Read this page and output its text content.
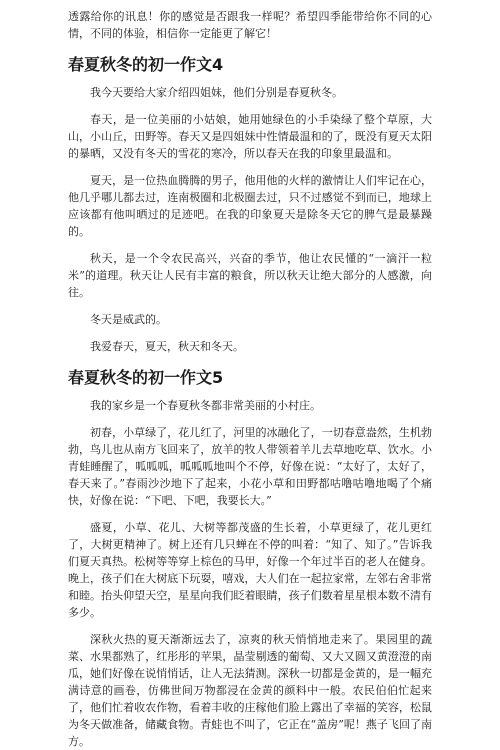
透露给你的讯息！你的感觉是否跟我一样呢？希望四季能带给你不同的心情，不同的体验，相信你一定能更了解它！

春夏秋冬的初一作文4

我今天要给大家介绍四姐妹，他们分别是春夏秋冬。

春天，是一位美丽的小姑娘，她用她绿色的小手染绿了整个草原，大山，小山丘，田野等。春天又是四姐妹中性情最温和的了，既没有夏天太阳的暴晒，又没有冬天的雪花的寒冷，所以春天在我的印象里最温和。

夏天，是一位热血腾腾的男子，他用他的火样的激情让人们牢记在心，他几乎哪儿都去过，连南极圈和北极圈去过，只不过感觉不到而已，地球上应该都有他叫晒过的足迹吧。在我的印象夏天是除冬天它的脾气是最暴躁的。

秋天，是一个令农民高兴，兴奋的季节，他让农民懂的“一滴汗一粒米”的道理。秋天让人民有丰富的粮食，所以秋天让绝大部分的人感激，向往。

冬天是威武的。

我爱春天，夏天，秋天和冬天。

春夏秋冬的初一作文5

我的家乡是一个春夏秋冬都非常美丽的小村庄。

初春，小草绿了，花儿红了，河里的冰融化了，一切春意盎然，生机勃勃，鸟儿也从南方飞回来了，放羊的牧人带领着羊儿去草地吃草、饮水。小青蛙睡醒了，呱呱呱，呱呱呱地叫个不停，好像在说：“太好了，太好了，春天来了。”春雨沙沙地下了起来，小花小草和田野都咕噜咕噜地喝了个痛快，好像在说：“下吧、下吧，我要长大。”

盛夏，小草、花儿、大树等都茂盛的生长着，小草更绿了，花儿更红了，大树更精神了。树上还有几只蝉在不停的叫着：“知了、知了。”告诉我们夏天真热。松树等等穿上棕色的马甲，好像一个年过半百的老人在健身。晚上，孩子们在大树底下玩耍，嘻戏，大人们在一起拉家常，左邻右舍非常和睦。抬头仰望天空，星星向我们眨着眼睛，孩子们数着星星根本数不清有多少。

深秋火热的夏天渐渐远去了，凉爽的秋天悄悄地走来了。果园里的蔬菜、水果都熟了，红彤彤的苹果，晶莹剔透的葡萄、又大又圆又黄澄澄的南瓜，她们好像在说悄悄话，让人无法猜测。深秋一切都是金黄的，是一幅充满诗意的画卷，仿佛世间万物都浸在金黄的颜料中一般。农民伯伯忙起来了，他们忙着收农作物，看着丰收的庄稼他们脸上露出了幸福的笑容，松鼠为冬天做准备，储藏食物。青蛙也不叫了，它正在“盖房”呢！燕子飞回了南方。
